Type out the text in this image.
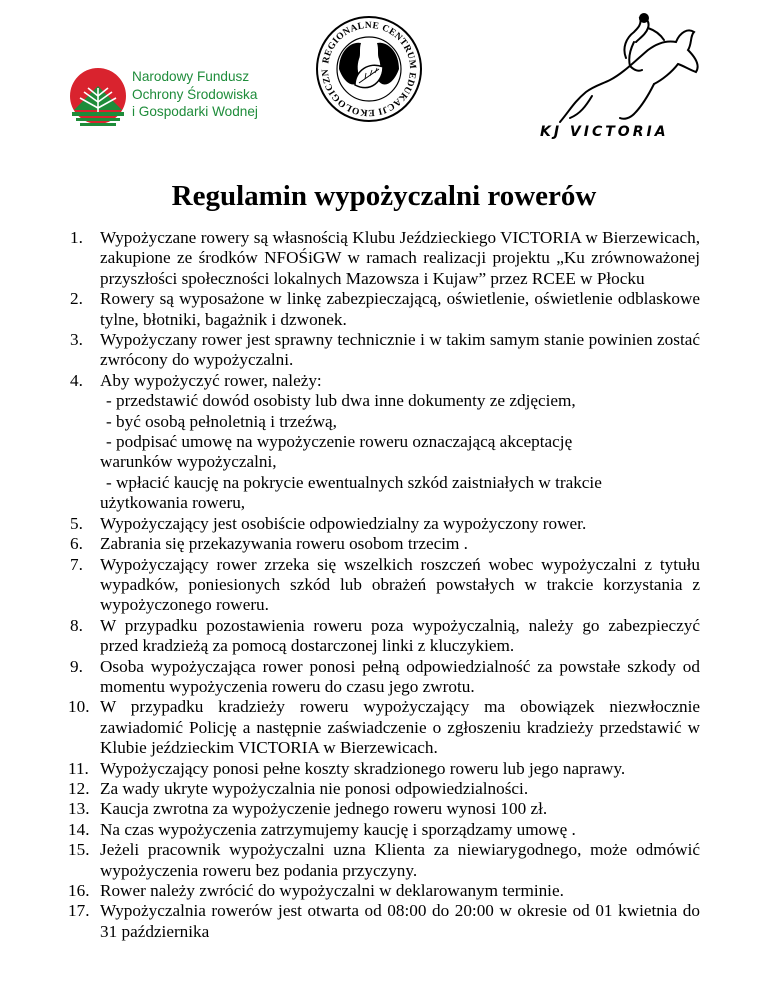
Narodowy Fundusz
Ochrony Środowiska
i Gospodarki Wodnej
REGIONALNE CENTRUM EDUKACJI EKOLOGICZN
KJ VICTORIA
Regulamin wypożyczalni rowerów
1. Wypożyczane rowery są własnością Klubu Jeździeckiego VICTORIA w Bierzewicach, zakupione ze środków NFOŚiGW w ramach realizacji projektu „Ku zrównoważonej przyszłości społeczności lokalnych Mazowsza i Kujaw” przez RCEE w Płocku
2. Rowery są wyposażone w linkę zabezpieczającą, oświetlenie, oświetlenie odblaskowe tylne, błotniki, bagażnik i dzwonek.
3. Wypożyczany rower jest sprawny technicznie i w takim samym stanie powinien zostać zwrócony do wypożyczalni.
4. Aby wypożyczyć rower, należy:
- przedstawić dowód osobisty lub dwa inne dokumenty ze zdjęciem,
- być osobą pełnoletnią i trzeźwą,
- podpisać umowę na wypożyczenie roweru oznaczającą akceptację
warunków wypożyczalni,
- wpłacić kaucję na pokrycie ewentualnych szkód zaistniałych w trakcie
użytkowania roweru,
5. Wypożyczający jest osobiście odpowiedzialny za wypożyczony rower.
6. Zabrania się przekazywania roweru osobom trzecim .
7. Wypożyczający rower zrzeka się wszelkich roszczeń wobec wypożyczalni z tytułu wypadków, poniesionych szkód lub obrażeń powstałych w trakcie korzystania z wypożyczonego roweru.
8. W przypadku pozostawienia roweru poza wypożyczalnią, należy go zabezpieczyć przed kradzieżą za pomocą dostarczonej linki z kluczykiem.
9. Osoba wypożyczająca rower ponosi pełną odpowiedzialność za powstałe szkody od momentu wypożyczenia roweru do czasu jego zwrotu.
10. W przypadku kradzieży roweru wypożyczający ma obowiązek niezwłocznie zawiadomić Policję a następnie zaświadczenie o zgłoszeniu kradzieży przedstawić w Klubie jeździeckim VICTORIA w Bierzewicach.
11. Wypożyczający ponosi pełne koszty skradzionego roweru lub jego naprawy.
12. Za wady ukryte wypożyczalnia nie ponosi odpowiedzialności.
13. Kaucja zwrotna za wypożyczenie jednego roweru wynosi 100 zł.
14. Na czas wypożyczenia zatrzymujemy kaucję i sporządzamy umowę .
15. Jeżeli pracownik wypożyczalni uzna Klienta za niewiarygodnego, może odmówić wypożyczenia roweru bez podania przyczyny.
16. Rower należy zwrócić do wypożyczalni w deklarowanym terminie.
17. Wypożyczalnia rowerów jest otwarta od 08:00 do 20:00 w okresie od 01 kwietnia do 31 października
